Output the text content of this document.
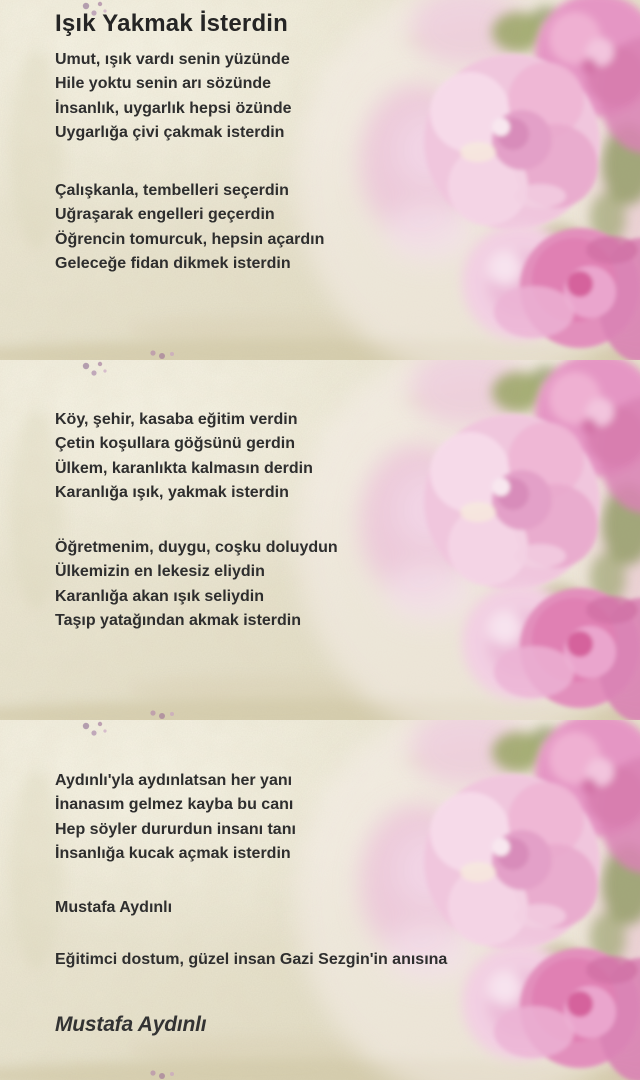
Işık Yakmak İsterdin
Umut, ışık vardı senin yüzünde
Hile yoktu senin arı sözünde
İnsanlık, uygarlık hepsi özünde
Uygarlığa çivi çakmak isterdin
Çalışkanla, tembelleri seçerdin
Uğraşarak engelleri geçerdin
Öğrencin tomurcuk, hepsin açardın
Geleceğe fidan dikmek isterdin
Köy, şehir, kasaba eğitim verdin
Çetin koşullara göğsünü gerdin
Ülkem, karanlıkta kalmasın derdin
Karanlığa ışık, yakmak isterdin
Öğretmenim, duygu, coşku doluydun
Ülkemizin en lekesiz eliydin
Karanlığa akan ışık seliydin
Taşıp yatağından akmak isterdin
Aydınlı'yla aydınlatsan her yanı
İnanasım gelmez kayba bu canı
Hep söyler dururdun insanı tanı
İnsanlığa kucak açmak isterdin
Mustafa Aydınlı
Eğitimci dostum, güzel insan Gazi Sezgin'in anısına
Mustafa Aydınlı
